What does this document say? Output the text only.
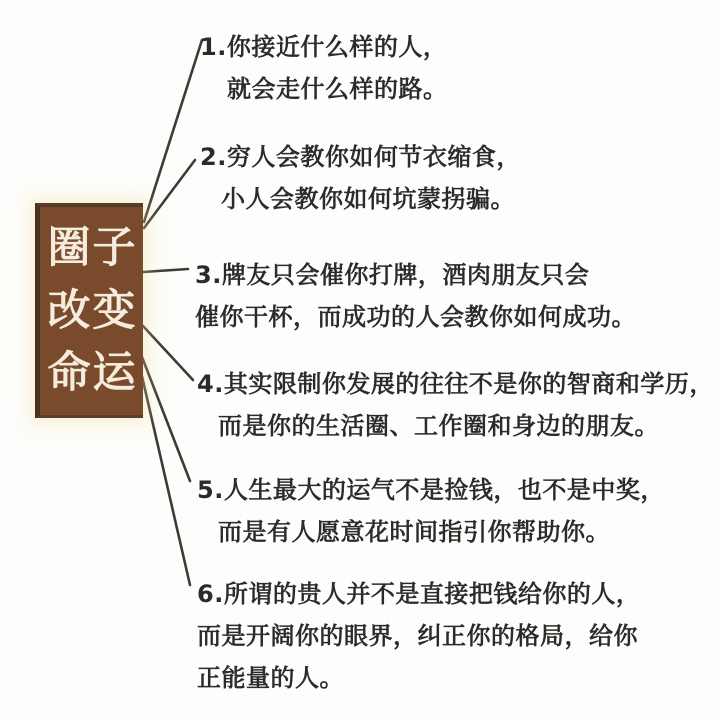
圈子
改变
命运
1.你接近什么样的人，
就会走什么样的路。
2.穷人会教你如何节衣缩食，
小人会教你如何坑蒙拐骗。
3.牌友只会催你打牌，酒肉朋友只会
催你干杯，而成功的人会教你如何成功。
4.其实限制你发展的往往不是你的智商和学历，
而是你的生活圈、工作圈和身边的朋友。
5.人生最大的运气不是捡钱，也不是中奖，
而是有人愿意花时间指引你帮助你。
6.所谓的贵人并不是直接把钱给你的人，
而是开阔你的眼界，纠正你的格局，给你
正能量的人。
